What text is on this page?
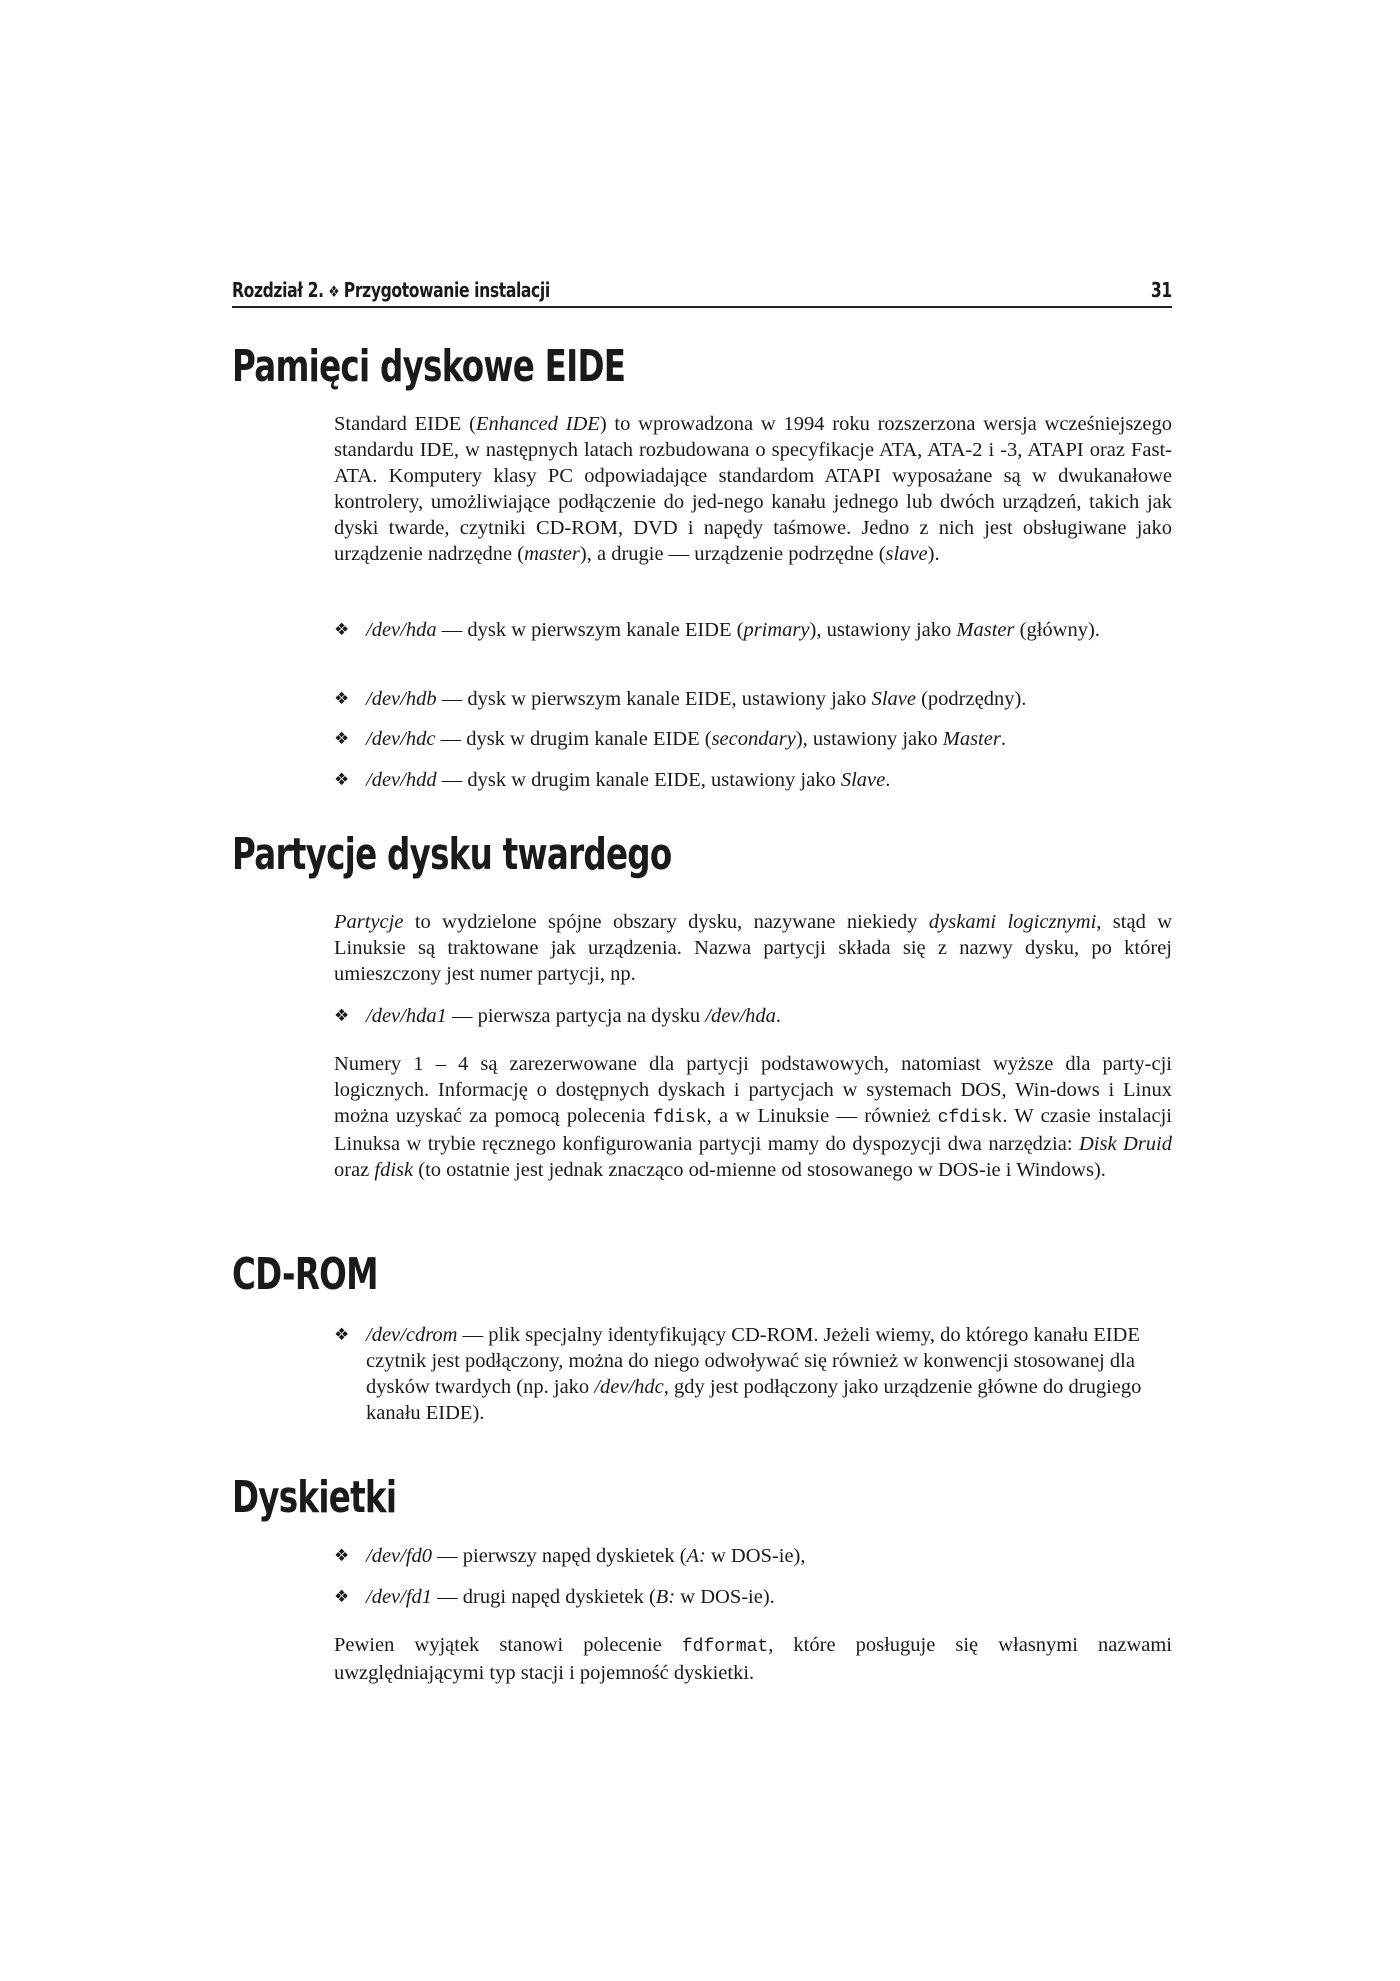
Rozdział 2. ❖ Przygotowanie instalacji	31
Pamięci dyskowe EIDE

Standard EIDE (Enhanced IDE) to wprowadzona w 1994 roku rozszerzona wersja wcześniejszego standardu IDE, w następnych latach rozbudowana o specyfikacje ATA, ATA-2 i -3, ATAPI oraz Fast-ATA. Komputery klasy PC odpowiadające standardom ATAPI wyposażane są w dwukanałowe kontrolery, umożliwiające podłączenie do jed-nego kanału jednego lub dwóch urządzeń, takich jak dyski twarde, czytniki CD-ROM, DVD i napędy taśmowe. Jedno z nich jest obsługiwane jako urządzenie nadrzędne (master), a drugie — urządzenie podrzędne (slave).

❖ /dev/hda — dysk w pierwszym kanale EIDE (primary), ustawiony jako Master (główny).

❖ /dev/hdb — dysk w pierwszym kanale EIDE, ustawiony jako Slave (podrzędny).

❖ /dev/hdc — dysk w drugim kanale EIDE (secondary), ustawiony jako Master.

❖ /dev/hdd — dysk w drugim kanale EIDE, ustawiony jako Slave.

Partycje dysku twardego

Partycje to wydzielone spójne obszary dysku, nazywane niekiedy dyskami logicznymi, stąd w Linuksie są traktowane jak urządzenia. Nazwa partycji składa się z nazwy dysku, po której umieszczony jest numer partycji, np.

❖ /dev/hda1 — pierwsza partycja na dysku /dev/hda.

Numery 1 – 4 są zarezerwowane dla partycji podstawowych, natomiast wyższe dla party-cji logicznych. Informację o dostępnych dyskach i partycjach w systemach DOS, Win-dows i Linux można uzyskać za pomocą polecenia fdisk, a w Linuksie — również cfdisk. W czasie instalacji Linuksa w trybie ręcznego konfigurowania partycji mamy do dyspozycji dwa narzędzia: Disk Druid oraz fdisk (to ostatnie jest jednak znacząco od-mienne od stosowanego w DOS-ie i Windows).

CD-ROM

❖ /dev/cdrom — plik specjalny identyfikujący CD-ROM. Jeżeli wiemy, do którego kanału EIDE czytnik jest podłączony, można do niego odwoływać się również w konwencji stosowanej dla dysków twardych (np. jako /dev/hdc, gdy jest podłączony jako urządzenie główne do drugiego kanału EIDE).

Dyskietki

❖ /dev/fd0 — pierwszy napęd dyskietek (A: w DOS-ie),

❖ /dev/fd1 — drugi napęd dyskietek (B: w DOS-ie).

Pewien wyjątek stanowi polecenie fdformat, które posługuje się własnymi nazwami uwzględniającymi typ stacji i pojemność dyskietki.
